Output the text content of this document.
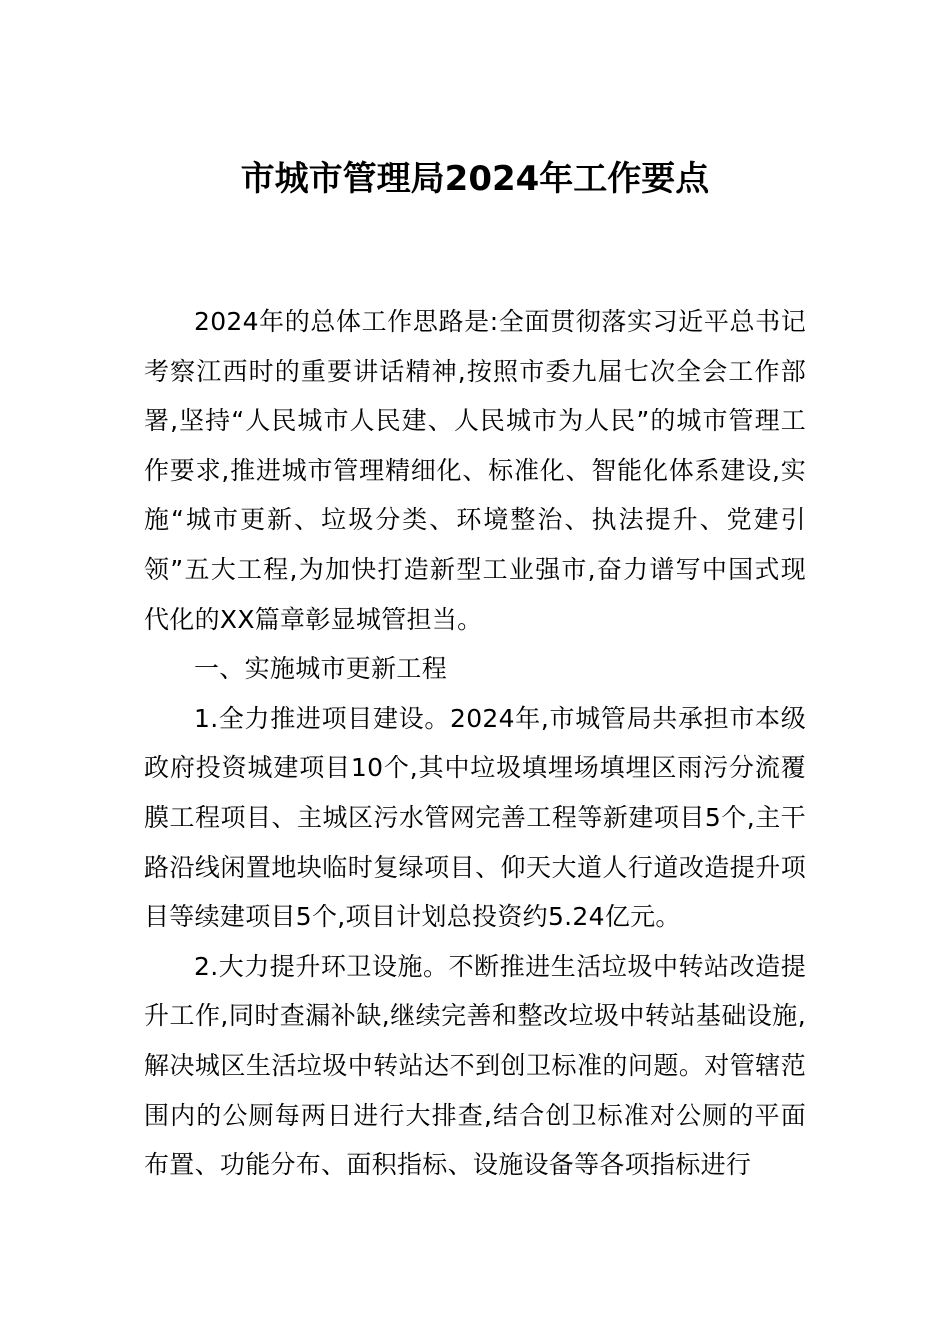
市城市管理局2024年工作要点

2024年的总体工作思路是:全面贯彻落实习近平总书记考察江西时的重要讲话精神,按照市委九届七次全会工作部署,坚持“人民城市人民建、人民城市为人民”的城市管理工作要求,推进城市管理精细化、标准化、智能化体系建设,实施“城市更新、垃圾分类、环境整治、执法提升、党建引领”五大工程,为加快打造新型工业强市,奋力谱写中国式现代化的XX篇章彰显城管担当。

一、实施城市更新工程

1.全力推进项目建设。2024年,市城管局共承担市本级政府投资城建项目10个,其中垃圾填埋场填埋区雨污分流覆膜工程项目、主城区污水管网完善工程等新建项目5个,主干路沿线闲置地块临时复绿项目、仰天大道人行道改造提升项目等续建项目5个,项目计划总投资约5.24亿元。

2.大力提升环卫设施。不断推进生活垃圾中转站改造提升工作,同时查漏补缺,继续完善和整改垃圾中转站基础设施,解决城区生活垃圾中转站达不到创卫标准的问题。对管辖范围内的公厕每两日进行大排查,结合创卫标准对公厕的平面布置、功能分布、面积指标、设施设备等各项指标进行
